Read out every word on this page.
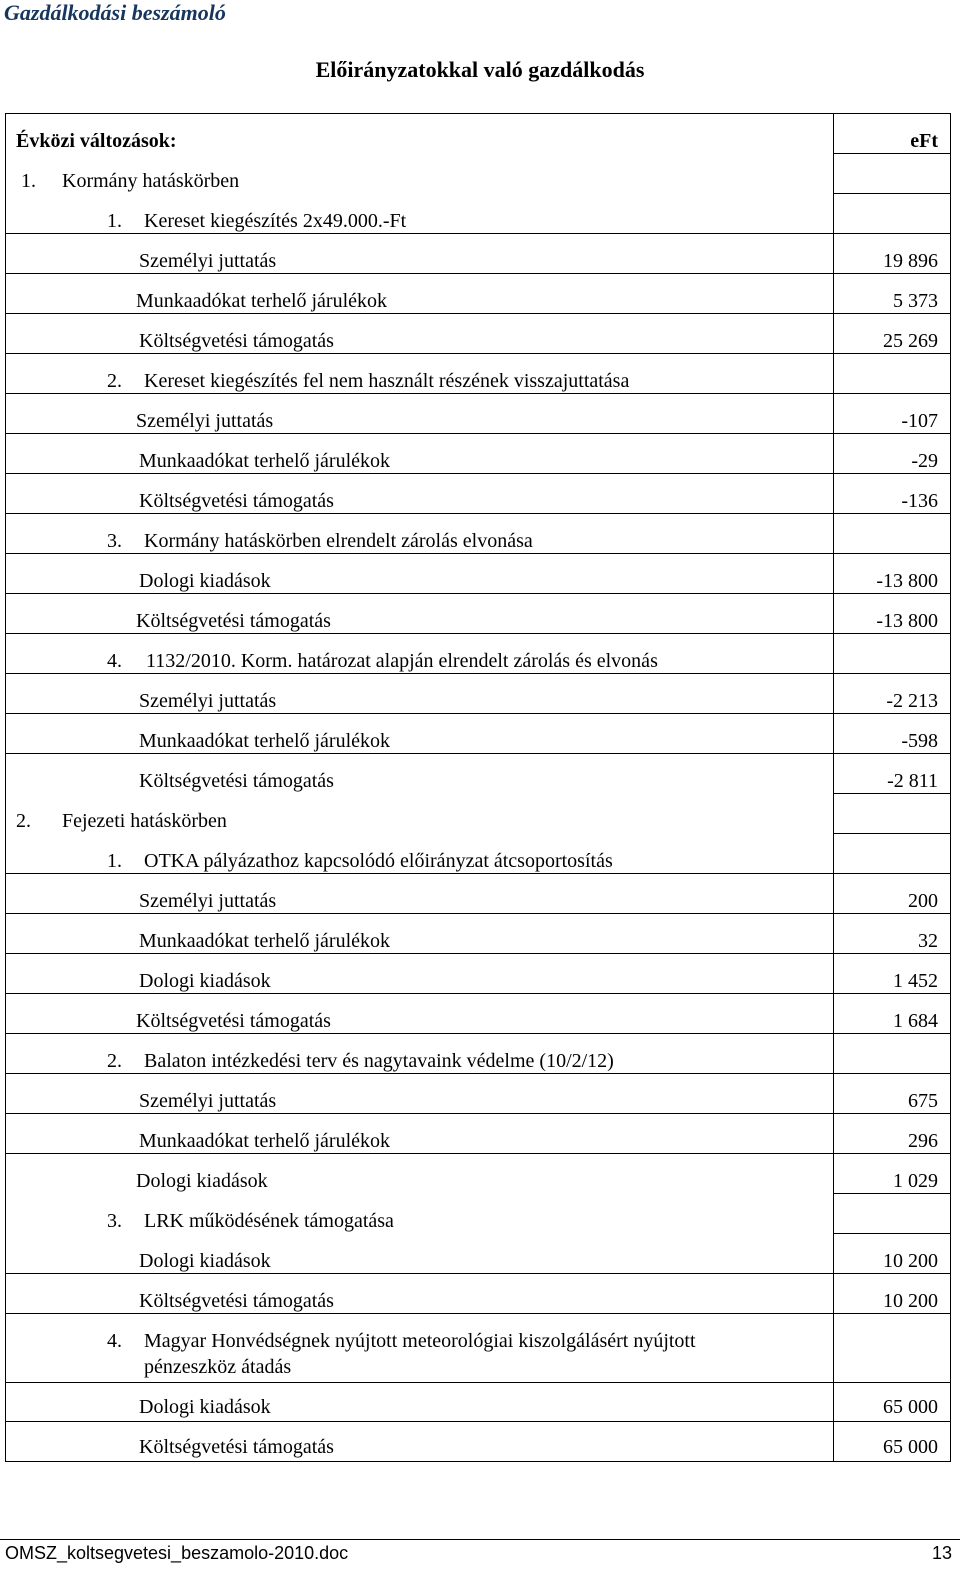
Gazdálkodási beszámoló
Előirányzatokkal való gazdálkodás
Évközi változások:	eFt
1. Kormány hatáskörben
1. Kereset kiegészítés 2x49.000.-Ft
Személyi juttatás	19 896
Munkaadókat terhelő járulékok	5 373
Költségvetési támogatás	25 269
2. Kereset kiegészítés fel nem használt részének visszajuttatása
Személyi juttatás	-107
Munkaadókat terhelő járulékok	-29
Költségvetési támogatás	-136
3. Kormány hatáskörben elrendelt zárolás elvonása
Dologi kiadások	-13 800
Költségvetési támogatás	-13 800
4. 1132/2010. Korm. határozat alapján elrendelt zárolás és elvonás
Személyi juttatás	-2 213
Munkaadókat terhelő járulékok	-598
Költségvetési támogatás	-2 811
2. Fejezeti hatáskörben
1. OTKA pályázathoz kapcsolódó előirányzat átcsoportosítás
Személyi juttatás	200
Munkaadókat terhelő járulékok	32
Dologi kiadások	1 452
Költségvetési támogatás	1 684
2. Balaton intézkedési terv és nagytavaink védelme (10/2/12)
Személyi juttatás	675
Munkaadókat terhelő járulékok	296
Dologi kiadások	1 029
3. LRK működésének támogatása
Dologi kiadások	10 200
Költségvetési támogatás	10 200
4. Magyar Honvédségnek nyújtott meteorológiai kiszolgálásért nyújtott
pénzeszköz átadás
Dologi kiadások	65 000
Költségvetési támogatás	65 000
OMSZ_koltsegvetesi_beszamolo-2010.doc	13
